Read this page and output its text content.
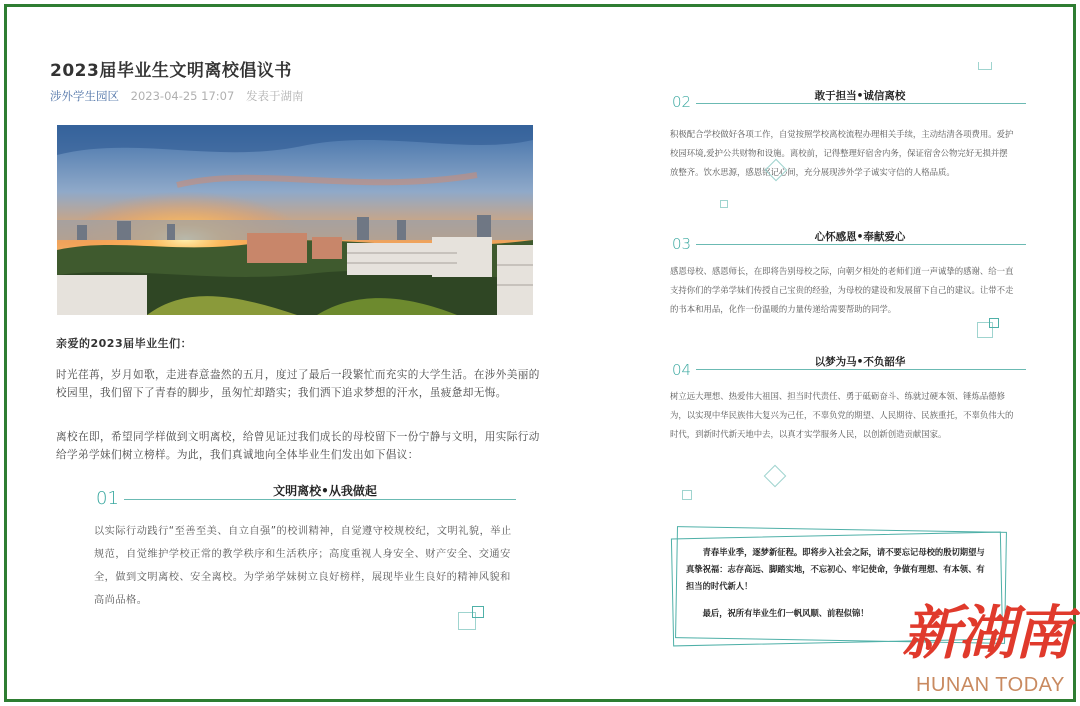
2023届毕业生文明离校倡议书
涉外学生园区 2023-04-25 17:07 发表于湖南
亲爱的2023届毕业生们：

时光荏苒，岁月如歌，走进春意盎然的五月，度过了最后一段繁忙而充实的大学生活。在涉外美丽的校园里，我们留下了青春的脚步，虽匆忙却踏实；我们洒下追求梦想的汗水，虽疲惫却无悔。

离校在即，希望同学样做到文明离校，给曾见证过我们成长的母校留下一份宁静与文明，用实际行动给学弟学妹们树立榜样。为此，我们真诚地向全体毕业生们发出如下倡议：

01	文明离校•从我做起

以实际行动践行“至善至美、自立自强”的校训精神，自觉遵守校规校纪，文明礼貌，举止规范，自觉维护学校正常的教学秩序和生活秩序；高度重视人身安全、财产安全、交通安全，做到文明离校、安全离校。为学弟学妹树立良好榜样，展现毕业生良好的精神风貌和高尚品格。

02	敢于担当•诚信离校

积极配合学校做好各项工作，自觉按照学校离校流程办理相关手续，主动结清各项费用。爱护校园环境,爱护公共财物和设施。离校前，记得整理好宿舍内务，保证宿舍公物完好无损并摆放整齐。饮水思源，感恩铭记心间，充分展现涉外学子诚实守信的人格品质。

03	心怀感恩•奉献爱心

感恩母校、感恩师长，在即将告别母校之际，向朝夕相处的老师们道一声诚挚的感谢、给一直支持你们的学弟学妹们传授自己宝贵的经验，为母校的建设和发展留下自己的建议。让带不走的书本和用品，化作一份温暖的力量传递给需要帮助的同学。

04	以梦为马•不负韶华

树立远大理想、热爱伟大祖国、担当时代责任、勇于砥砺奋斗、练就过硬本领、锤炼品德修为，以实现中华民族伟大复兴为己任，不辜负党的期望、人民期待、民族重托，不辜负伟大的时代，到新时代新天地中去，以真才实学服务人民，以创新创造贡献国家。

青春毕业季，逐梦新征程。即将步入社会之际，请不要忘记母校的殷切期望与真挚祝福：志存高远、脚踏实地，不忘初心、牢记使命，争做有理想、有本领、有担当的时代新人！

最后，祝所有毕业生们一帆风顺、前程似锦！ 新湖南
HUNAN TODAY
